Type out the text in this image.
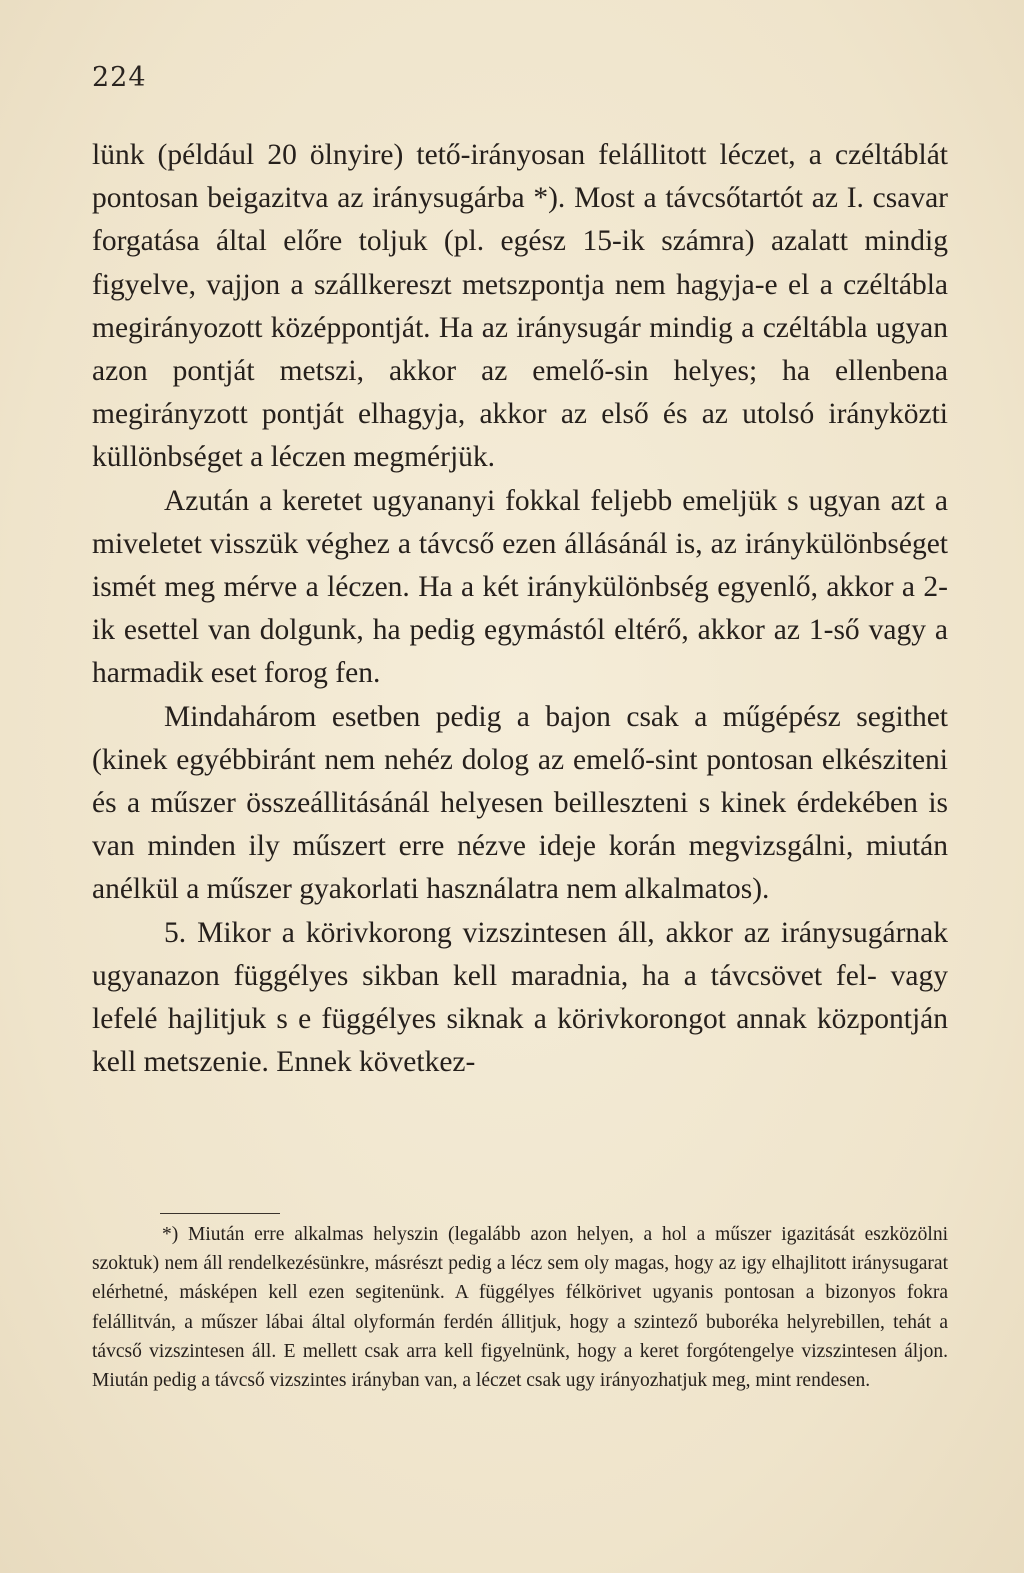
224

lünk (például 20 ölnyire) tető-irányosan felállitott léczet, a czéltáblát pontosan beigazitva az iránysugárba *). Most a távcsőtartót az I. csavar forgatása által előre toljuk (pl. egész 15-ik számra) azalatt mindig figyelve, vajjon a szállkereszt metszpontja nem hagyja-e el a czéltábla megirányozott középpontját. Ha az iránysugár mindig a czéltábla ugyan azon pontját metszi, akkor az emelő-sin helyes; ha ellenbena megirányzott pontját elhagyja, akkor az első és az utolsó irányközti küllönbséget a léczen megmérjük.

Azután a keretet ugyananyi fokkal feljebb emeljük s ugyan azt a miveletet visszük véghez a távcső ezen állásánál is, az iránykülönbséget ismét meg mérve a léczen. Ha a két iránykülönbség egyenlő, akkor a 2-ik esettel van dolgunk, ha pedig egymástól eltérő, akkor az 1-ső vagy a harmadik eset forog fen.

Mindahárom esetben pedig a bajon csak a műgépész segithet (kinek egyébbiránt nem nehéz dolog az emelő-sint pontosan elkésziteni és a műszer összeállitásánál helyesen beilleszteni s kinek érdekében is van minden ily műszert erre nézve ideje korán megvizsgálni, miután anélkül a műszer gyakorlati használatra nem alkalmatos).

5. Mikor a körivkorong vizszintesen áll, akkor az iránysugárnak ugyanazon függélyes sikban kell maradnia, ha a távcsövet fel- vagy lefelé hajlitjuk s e függélyes siknak a körivkorongot annak központján kell metszenie. Ennek következ-

*) Miután erre alkalmas helyszin (legalább azon helyen, a hol a műszer igazitását eszközölni szoktuk) nem áll rendelkezésünkre, másrészt pedig a lécz sem oly magas, hogy az igy elhajlitott iránysugarat elérhetné, másképen kell ezen segitenünk. A függélyes félkörivet ugyanis pontosan a bizonyos fokra felállitván, a műszer lábai által olyformán ferdén állitjuk, hogy a szintező buboréka helyrebillen, tehát a távcső vizszintesen áll. E mellett csak arra kell figyelnünk, hogy a keret forgótengelye vizszintesen áljon. Miután pedig a távcső vizszintes irányban van, a léczet csak ugy irányozhatjuk meg, mint rendesen.
